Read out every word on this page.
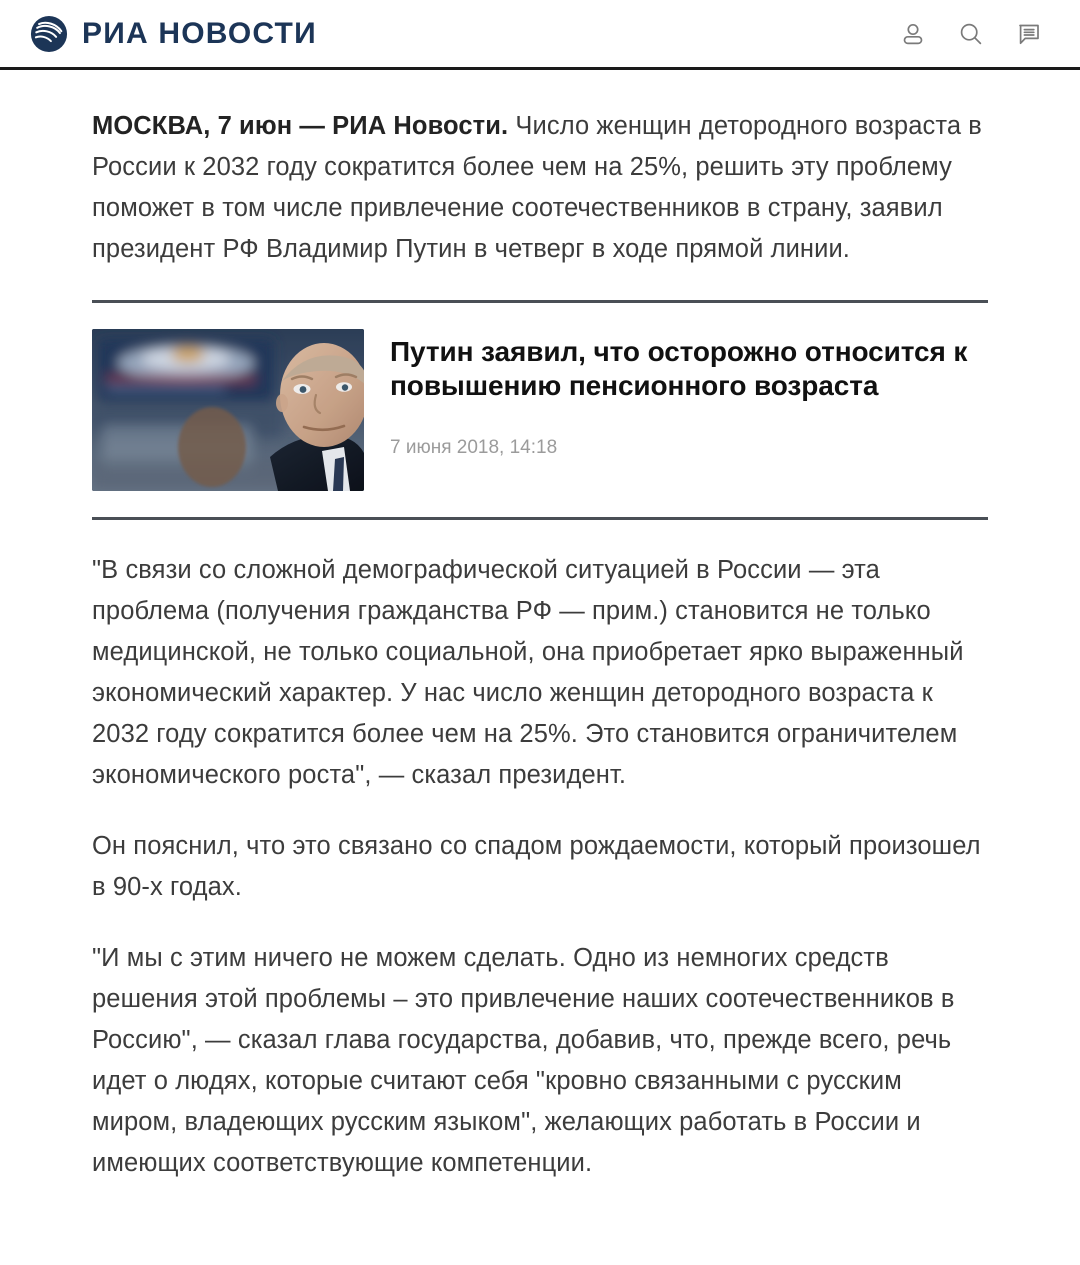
РИА НОВОСТИ

МОСКВА, 7 июн — РИА Новости. Число женщин детородного возраста в России к 2032 году сократится более чем на 25%, решить эту проблему поможет в том числе привлечение соотечественников в страну, заявил президент РФ Владимир Путин в четверг в ходе прямой линии.

Путин заявил, что осторожно относится к повышению пенсионного возраста
7 июня 2018, 14:18

"В связи со сложной демографической ситуацией в России — эта проблема (получения гражданства РФ — прим.) становится не только медицинской, не только социальной, она приобретает ярко выраженный экономический характер. У нас число женщин детородного возраста к 2032 году сократится более чем на 25%. Это становится ограничителем экономического роста", — сказал президент.

Он пояснил, что это связано со спадом рождаемости, который произошел в 90-х годах.

"И мы с этим ничего не можем сделать. Одно из немногих средств решения этой проблемы – это привлечение наших соотечественников в Россию", — сказал глава государства, добавив, что, прежде всего, речь идет о людях, которые считают себя "кровно связанными с русским миром, владеющих русским языком", желающих работать в России и имеющих соответствующие компетенции.
